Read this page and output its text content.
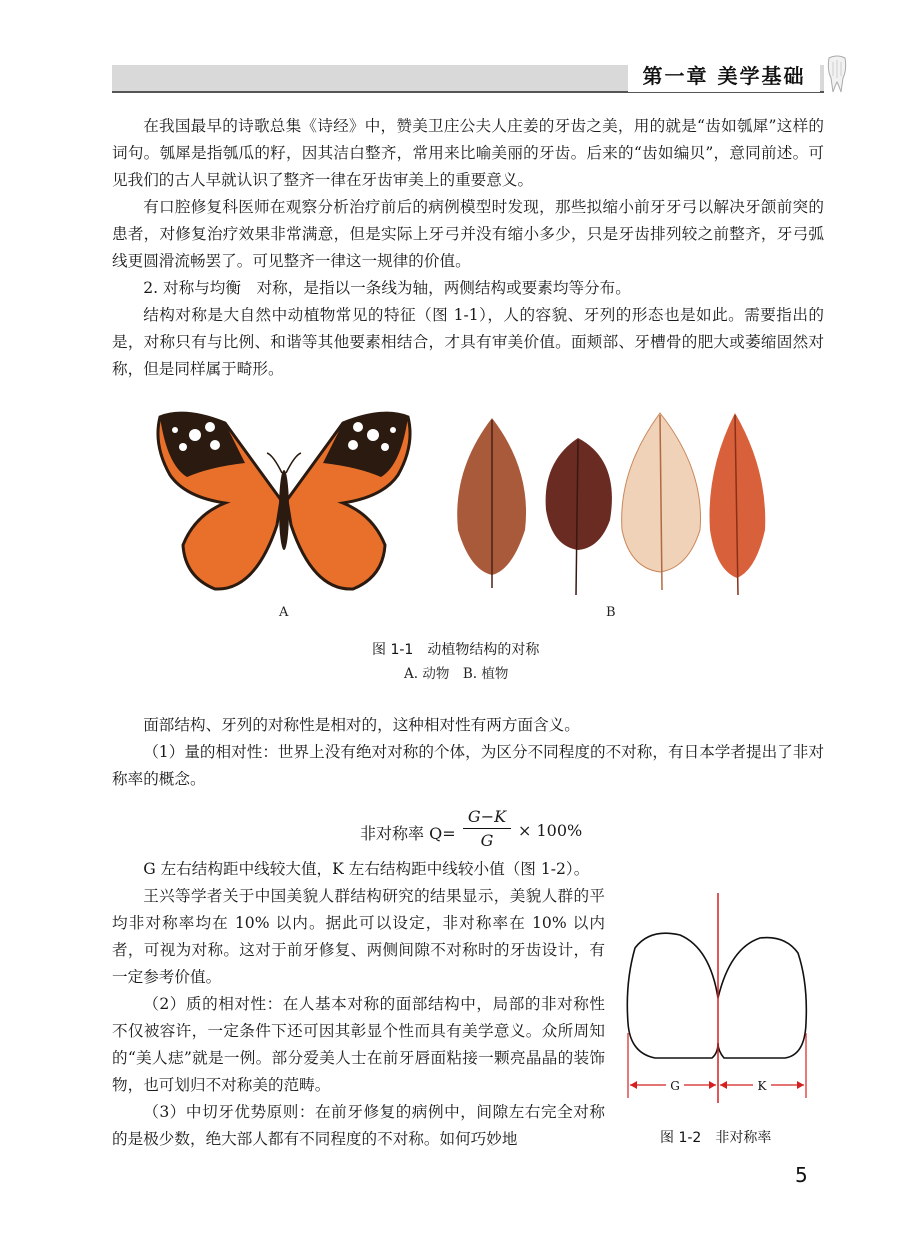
第一章 美学基础

在我国最早的诗歌总集《诗经》中，赞美卫庄公夫人庄姜的牙齿之美，用的就是“齿如瓠犀”这样的词句。瓠犀是指瓠瓜的籽，因其洁白整齐，常用来比喻美丽的牙齿。后来的“齿如编贝”，意同前述。可见我们的古人早就认识了整齐一律在牙齿审美上的重要意义。

有口腔修复科医师在观察分析治疗前后的病例模型时发现，那些拟缩小前牙牙弓以解决牙颌前突的患者，对修复治疗效果非常满意，但是实际上牙弓并没有缩小多少，只是牙齿排列较之前整齐，牙弓弧线更圆滑流畅罢了。可见整齐一律这一规律的价值。

2. 对称与均衡　对称，是指以一条线为轴，两侧结构或要素均等分布。

结构对称是大自然中动植物常见的特征（图 1-1），人的容貌、牙列的形态也是如此。需要指出的是，对称只有与比例、和谐等其他要素相结合，才具有审美价值。面颊部、牙槽骨的肥大或萎缩固然对称，但是同样属于畸形。

A	B
图 1-1　动植物结构的对称
A. 动物　B. 植物

面部结构、牙列的对称性是相对的，这种相对性有两方面含义。

（1）量的相对性：世界上没有绝对对称的个体，为区分不同程度的不对称，有日本学者提出了非对称率的概念。

非对称率 Q=
G−K
G
× 100%

G 左右结构距中线较大值，K 左右结构距中线较小值（图 1-2）。

王兴等学者关于中国美貌人群结构研究的结果显示，美貌人群的平均非对称率均在 10% 以内。据此可以设定，非对称率在 10% 以内者，可视为对称。这对于前牙修复、两侧间隙不对称时的牙齿设计，有一定参考价值。

（2）质的相对性：在人基本对称的面部结构中，局部的非对称性不仅被容许，一定条件下还可因其彰显个性而具有美学意义。众所周知的“美人痣”就是一例。部分爱美人士在前牙唇面粘接一颗亮晶晶的装饰物，也可划归不对称美的范畴。

（3）中切牙优势原则：在前牙修复的病例中，间隙左右完全对称的是极少数，绝大部人都有不同程度的不对称。如何巧妙地

G	K
图 1-2　非对称率
5
